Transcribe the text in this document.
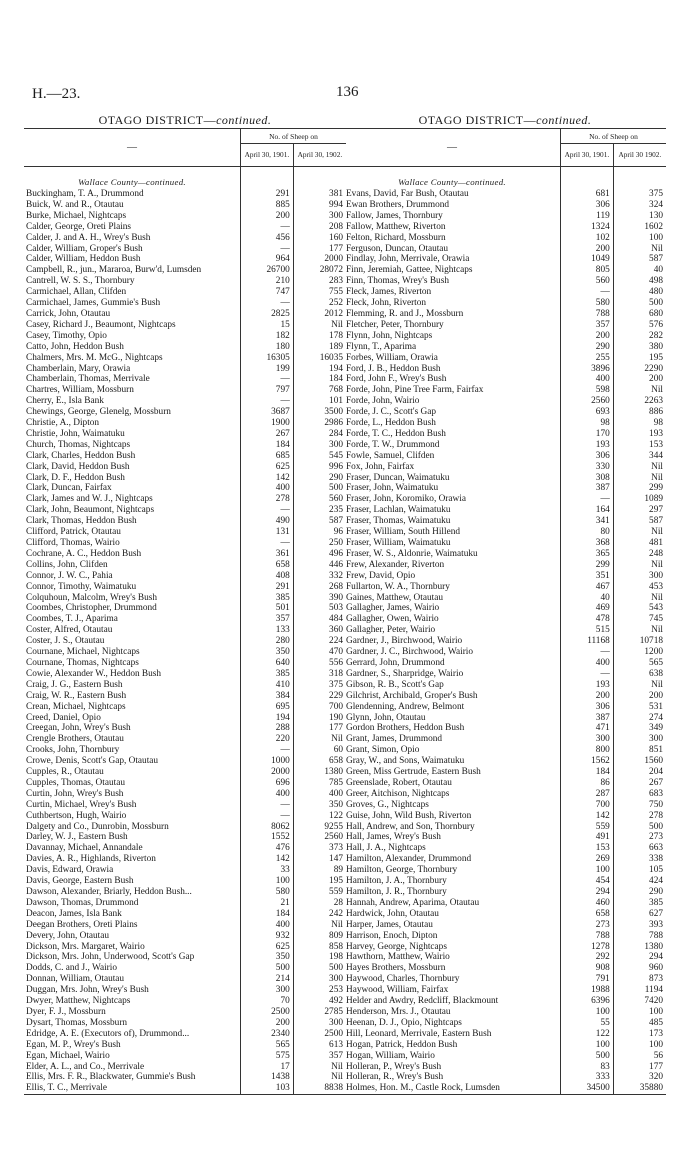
H.—23.	136
OTAGO DISTRICT—continued.
—	No. of Sheep on	
	April 30, 1901.	April 30, 1902.
Wallace County—continued.		
Buckingham, T. A., Drummond	291	381
Buick, W. and R., Otautau	885	994
Burke, Michael, Nightcaps	200	300
Calder, George, Oreti Plains	—	208
Calder, J. and A. H., Wrey's Bush	456	160
Calder, William, Groper's Bush	—	177
Calder, William, Heddon Bush	964	2000
Campbell, R., jun., Mararoa, Burw'd, Lumsden	26700	28072
Cantrell, W. S. S., Thornbury	210	283
Carmichael, Allan, Clifden	747	755
Carmichael, James, Gummie's Bush	—	252
Carrick, John, Otautau	2825	2012
Casey, Richard J., Beaumont, Nightcaps	15	Nil
Casey, Timothy, Opio	182	178
Catto, John, Heddon Bush	180	189
Chalmers, Mrs. M. McG., Nightcaps	16305	16035
Chamberlain, Mary, Orawia	199	194
Chamberlain, Thomas, Merrivale	—	184
Chartres, William, Mossburn	797	768
Cherry, E., Isla Bank	—	101
Chewings, George, Glenelg, Mossburn	3687	3500
Christie, A., Dipton	1900	2986
Christie, John, Waimatuku	267	284
Church, Thomas, Nightcaps	184	300
Clark, Charles, Heddon Bush	685	545
Clark, David, Heddon Bush	625	996
Clark, D. F., Heddon Bush	142	290
Clark, Duncan, Fairfax	400	500
Clark, James and W. J., Nightcaps	278	560
Clark, John, Beaumont, Nightcaps	—	235
Clark, Thomas, Heddon Bush	490	587
Clifford, Patrick, Otautau	131	96
Clifford, Thomas, Wairio	—	250
Cochrane, A. C., Heddon Bush	361	496
Collins, John, Clifden	658	446
Connor, J. W. C., Pahia	408	332
Connor, Timothy, Waimatuku	291	268
Colquhoun, Malcolm, Wrey's Bush	385	390
Coombes, Christopher, Drummond	501	503
Coombes, T. J., Aparima	357	484
Coster, Alfred, Otautau	133	360
Coster, J. S., Otautau	280	224
Cournane, Michael, Nightcaps	350	470
Cournane, Thomas, Nightcaps	640	556
Cowie, Alexander W., Heddon Bush	385	318
Craig, J. G., Eastern Bush	410	375
Craig, W. R., Eastern Bush	384	229
Crean, Michael, Nightcaps	695	700
Creed, Daniel, Opio	194	190
Creegan, John, Wrey's Bush	288	177
Crengle Brothers, Otautau	220	Nil
Crooks, John, Thornbury	—	60
Crowe, Denis, Scott's Gap, Otautau	1000	658
Cupples, R., Otautau	2000	1380
Cupples, Thomas, Otautau	696	785
Curtin, John, Wrey's Bush	400	400
Curtin, Michael, Wrey's Bush	—	350
Cuthbertson, Hugh, Wairio	—	122
Dalgety and Co., Dunrobin, Mossburn	8062	9255
Darley, W. J., Eastern Bush	1552	2560
Davannay, Michael, Annandale	476	373
Davies, A. R., Highlands, Riverton	142	147
Davis, Edward, Orawia	33	89
Davis, George, Eastern Bush	100	195
Dawson, Alexander, Briarly, Heddon Bush...	580	559
Dawson, Thomas, Drummond	21	28
Deacon, James, Isla Bank	184	242
Deegan Brothers, Oreti Plains	400	Nil
Devery, John, Otautau	932	809
Dickson, Mrs. Margaret, Wairio	625	858
Dickson, Mrs. John, Underwood, Scott's Gap	350	198
Dodds, C. and J., Wairio	500	500
Donnan, William, Otautau	214	300
Duggan, Mrs. John, Wrey's Bush	300	253
Dwyer, Matthew, Nightcaps	70	492
Dyer, F. J., Mossburn	2500	2785
Dysart, Thomas, Mossburn	200	300
Edridge, A. E. (Executors of), Drummond...	2340	2500
Egan, M. P., Wrey's Bush	565	613
Egan, Michael, Wairio	575	357
Elder, A. L., and Co., Merrivale	17	Nil
Ellis, Mrs. F. R., Blackwater, Gummie's Bush	1438	Nil
Ellis, T. C., Merrivale	103	8838
OTAGO DISTRICT—continued.
—	No. of Sheep on	
	April 30, 1901.	April 30 1902.
Wallace County—continued.		
Evans, David, Far Bush, Otautau	681	375
Ewan Brothers, Drummond	306	324
Fallow, James, Thornbury	119	130
Fallow, Matthew, Riverton	1324	1602
Felton, Richard, Mossburn	102	100
Ferguson, Duncan, Otautau	200	Nil
Findlay, John, Merrivale, Orawia	1049	587
Finn, Jeremiah, Gattee, Nightcaps	805	40
Finn, Thomas, Wrey's Bush	560	498
Fleck, James, Riverton	—	480
Fleck, John, Riverton	580	500
Flemming, R. and J., Mossburn	788	680
Fletcher, Peter, Thornbury	357	576
Flynn, John, Nightcaps	200	282
Flynn, T., Aparima	290	380
Forbes, William, Orawia	255	195
Ford, J. B., Heddon Bush	3896	2290
Ford, John F., Wrey's Bush	400	200
Forde, John, Pine Tree Farm, Fairfax	598	Nil
Forde, John, Wairio	2560	2263
Forde, J. C., Scott's Gap	693	886
Forde, L., Heddon Bush	98	98
Forde, T. C., Heddon Bush	170	193
Forde, T. W., Drummond	193	153
Fowle, Samuel, Clifden	306	344
Fox, John, Fairfax	330	Nil
Fraser, Duncan, Waimatuku	308	Nil
Fraser, John, Waimatuku	387	299
Fraser, John, Koromiko, Orawia	—	1089
Fraser, Lachlan, Waimatuku	164	297
Fraser, Thomas, Waimatuku	341	587
Fraser, William, South Hillend	80	Nil
Fraser, William, Waimatuku	368	481
Fraser, W. S., Aldonrie, Waimatuku	365	248
Frew, Alexander, Riverton	299	Nil
Frew, David, Opio	351	300
Fullarton, W. A., Thornbury	467	453
Gaines, Matthew, Otautau	40	Nil
Gallagher, James, Wairio	469	543
Gallagher, Owen, Wairio	478	745
Gallagher, Peter, Wairio	515	Nil
Gardner, J., Birchwood, Wairio	11168	10718
Gardner, J. C., Birchwood, Wairio	—	1200
Gerrard, John, Drummond	400	565
Gardner, S., Sharpridge, Wairio	—	638
Gibson, R. B., Scott's Gap	193	Nil
Gilchrist, Archibald, Groper's Bush	200	200
Glendenning, Andrew, Belmont	306	531
Glynn, John, Otautau	387	274
Gordon Brothers, Heddon Bush	471	349
Grant, James, Drummond	300	300
Grant, Simon, Opio	800	851
Gray, W., and Sons, Waimatuku	1562	1560
Green, Miss Gertrude, Eastern Bush	184	204
Greenslade, Robert, Otautau	86	267
Greer, Aitchison, Nightcaps	287	683
Groves, G., Nightcaps	700	750
Guise, John, Wild Bush, Riverton	142	278
Hall, Andrew, and Son, Thornbury	559	500
Hall, James, Wrey's Bush	491	273
Hall, J. A., Nightcaps	153	663
Hamilton, Alexander, Drummond	269	338
Hamilton, George, Thornbury	100	105
Hamilton, J. A., Thornbury	454	424
Hamilton, J. R., Thornbury	294	290
Hannah, Andrew, Aparima, Otautau	460	385
Hardwick, John, Otautau	658	627
Harper, James, Otautau	273	393
Harrison, Enoch, Dipton	788	788
Harvey, George, Nightcaps	1278	1380
Hawthorn, Matthew, Wairio	292	294
Hayes Brothers, Mossburn	908	960
Haywood, Charles, Thornbury	791	873
Haywood, William, Fairfax	1988	1194
Helder and Awdry, Redcliff, Blackmount	6396	7420
Henderson, Mrs. J., Otautau	100	100
Heenan, D. J., Opio, Nightcaps	55	485
Hill, Leonard, Merrivale, Eastern Bush	122	173
Hogan, Patrick, Heddon Bush	100	100
Hogan, William, Wairio	500	56
Holleran, P., Wrey's Bush	83	177
Holleran, R., Wrey's Bush	333	320
Holmes, Hon. M., Castle Rock, Lumsden	34500	35880
